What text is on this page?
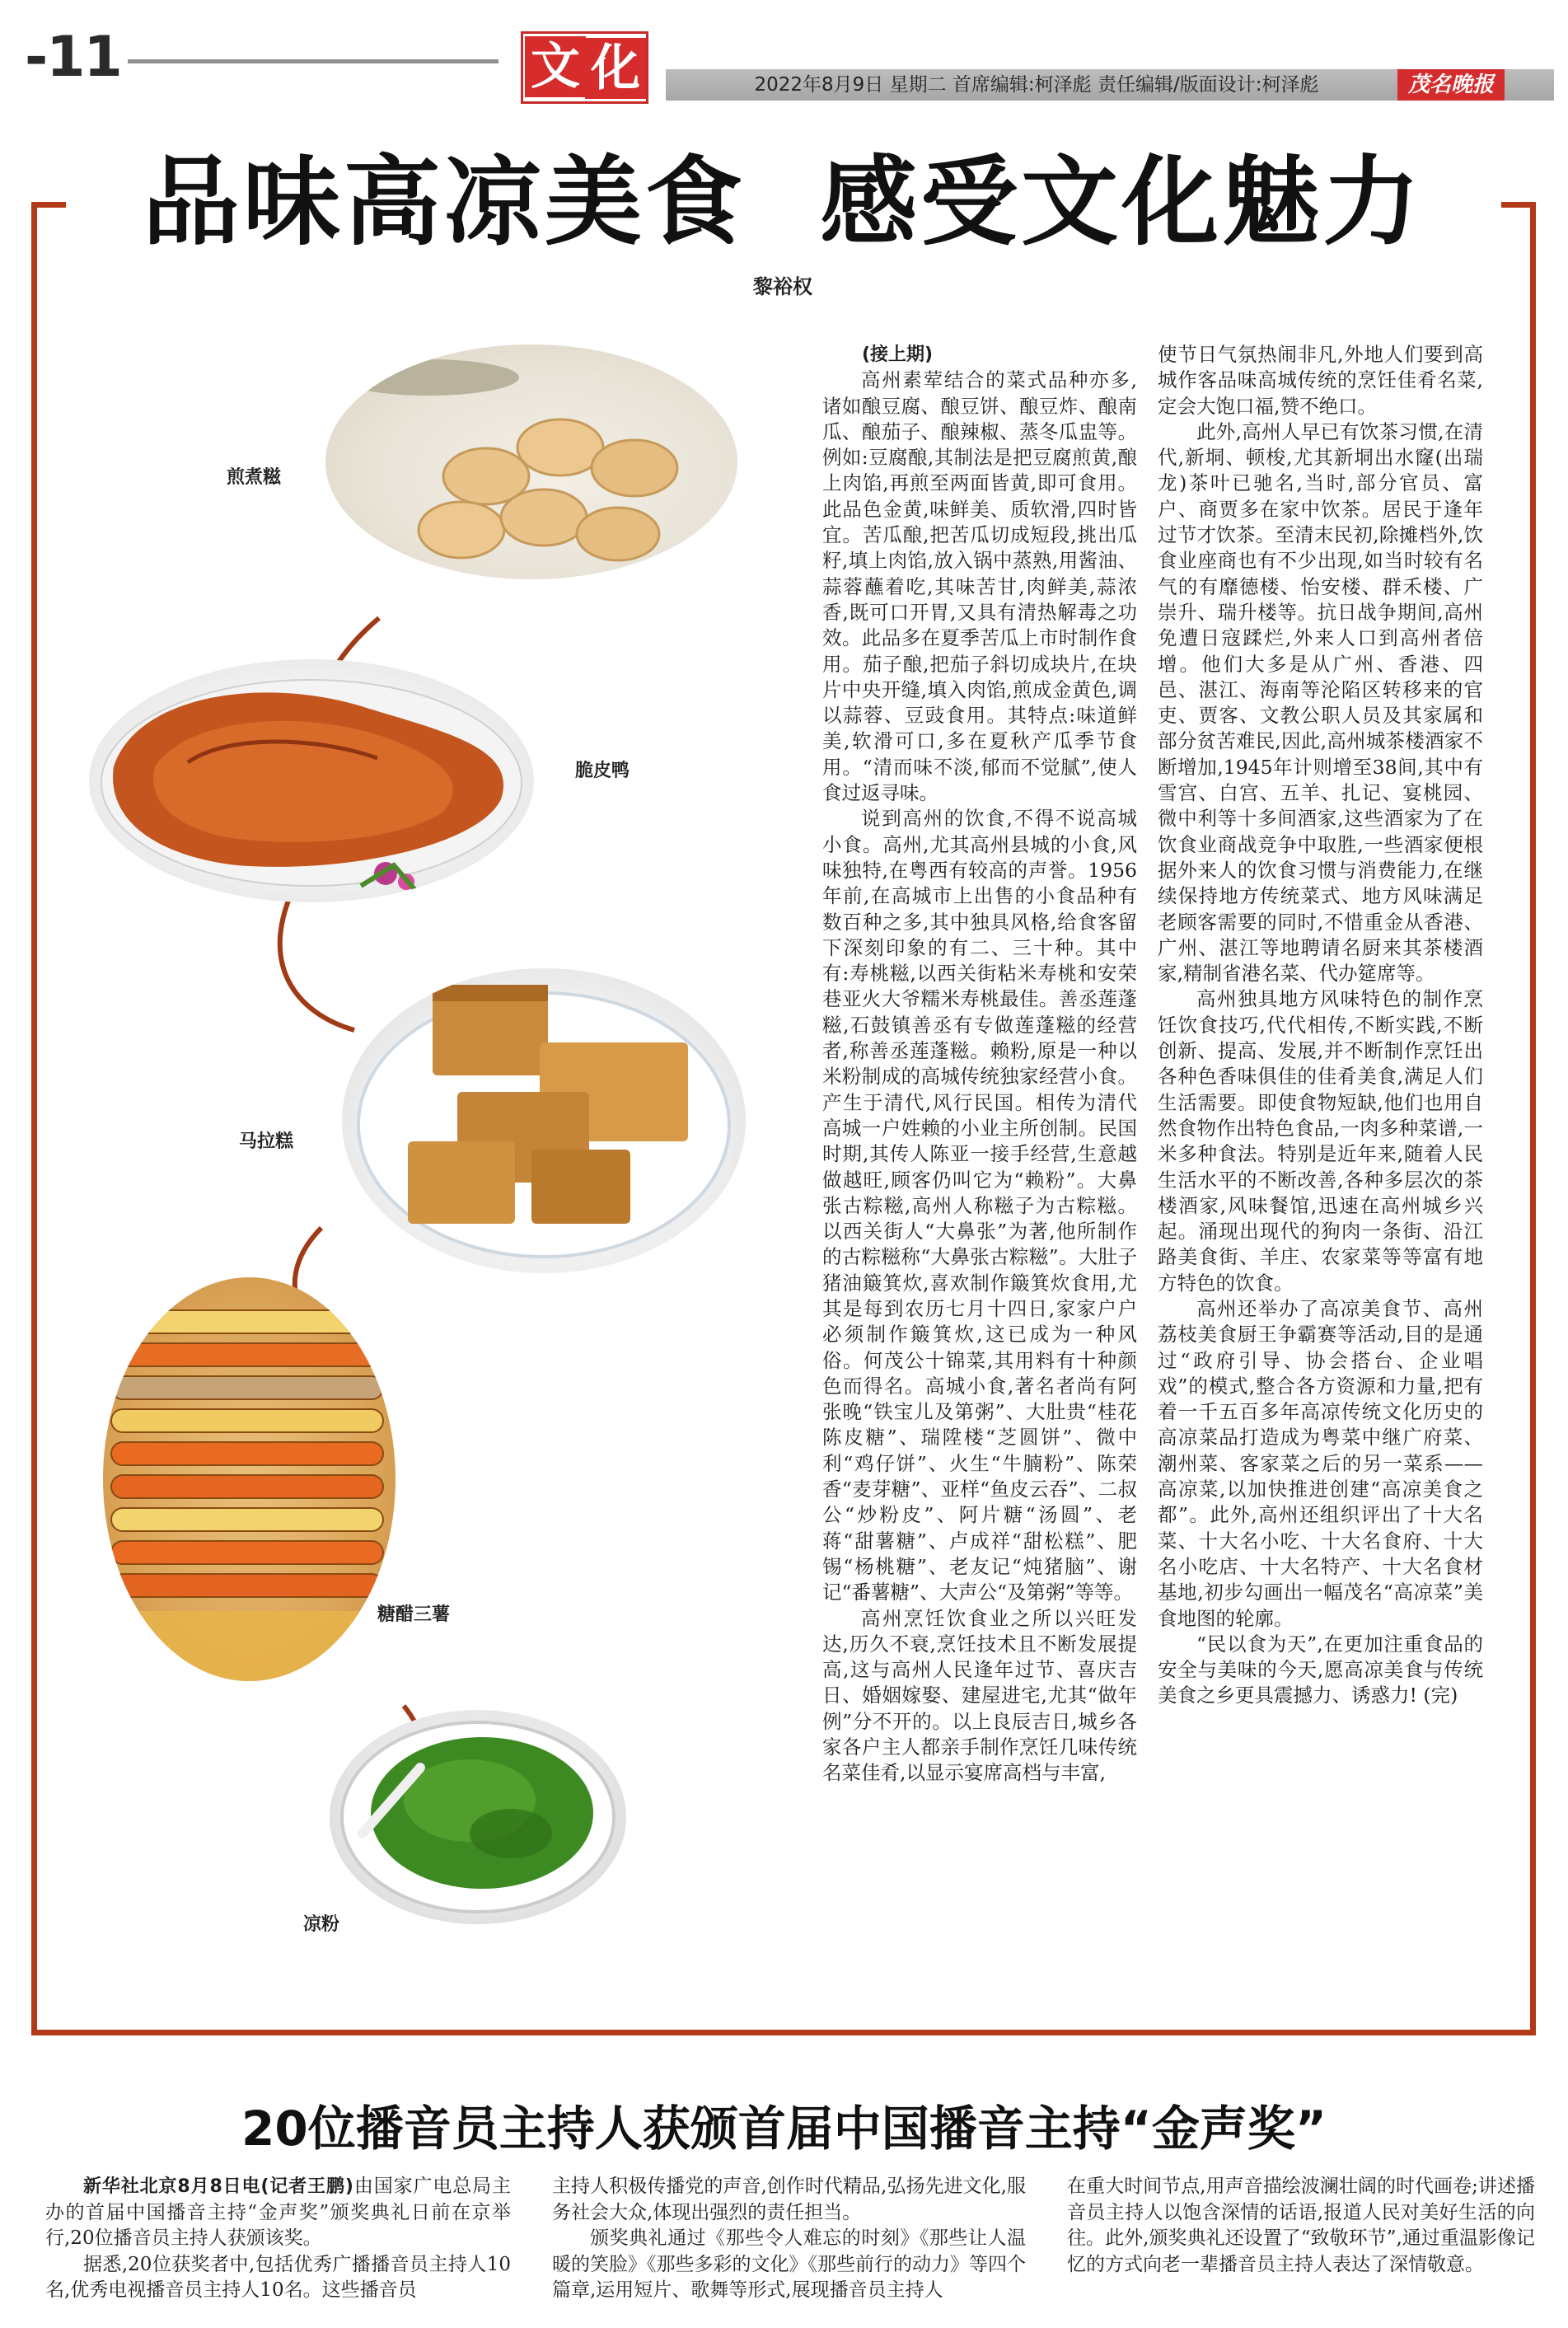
-11	文 化	2022年8月9日 星期二 首席编辑:柯泽彪 责任编辑/版面设计:柯泽彪	茂名晚报
品味高凉美食  感受文化魅力
黎裕权
煎煮糍
脆皮鸭
马拉糕
糖醋三薯
凉粉
(接上期)

高州素荤结合的菜式品种亦多,诸如酿豆腐、酿豆饼、酿豆炸、酿南瓜、酿茄子、酿辣椒、蒸冬瓜盅等。例如:豆腐酿,其制法是把豆腐煎黄,酿上肉馅,再煎至两面皆黄,即可食用。此品色金黄,味鲜美、质软滑,四时皆宜。苦瓜酿,把苦瓜切成短段,挑出瓜籽,填上肉馅,放入锅中蒸熟,用酱油、蒜蓉蘸着吃,其味苦甘,肉鲜美,蒜浓香,既可口开胃,又具有清热解毒之功效。此品多在夏季苦瓜上市时制作食用。茄子酿,把茄子斜切成块片,在块片中央开缝,填入肉馅,煎成金黄色,调以蒜蓉、豆豉食用。其特点:味道鲜美,软滑可口,多在夏秋产瓜季节食用。“清而味不淡,郁而不觉腻”,使人食过返寻味。

说到高州的饮食,不得不说高城小食。高州,尤其高州县城的小食,风味独特,在粤西有较高的声誉。1956年前,在高城市上出售的小食品种有数百种之多,其中独具风格,给食客留下深刻印象的有二、三十种。其中有:寿桃糍,以西关街粘米寿桃和安荣巷亚火大爷糯米寿桃最佳。善丞莲蓬糍,石鼓镇善丞有专做莲蓬糍的经营者,称善丞莲蓬糍。赖粉,原是一种以米粉制成的高城传统独家经营小食。产生于清代,风行民国。相传为清代高城一户姓赖的小业主所创制。民国时期,其传人陈亚一接手经营,生意越做越旺,顾客仍叫它为“赖粉”。大鼻张古粽糍,高州人称糍子为古粽糍。以西关街人“大鼻张”为著,他所制作的古粽糍称“大鼻张古粽糍”。大肚子猪油簸箕炊,喜欢制作簸箕炊食用,尤其是每到农历七月十四日,家家户户必须制作簸箕炊,这已成为一种风俗。何茂公十锦菜,其用料有十种颜色而得名。高城小食,著名者尚有阿张晚“铁宝儿及第粥”、大肚贵“桂花陈皮糖”、瑞陞楼“芝圆饼”、微中利“鸡仔饼”、火生“牛腩粉”、陈荣香“麦芽糖”、亚样“鱼皮云吞”、二叔公“炒粉皮”、阿片糖“汤圆”、老蒋“甜薯糖”、卢成祥“甜松糕”、肥锡“杨桃糖”、老友记“炖猪脑”、谢记“番薯糖”、大声公“及第粥”等等。

高州烹饪饮食业之所以兴旺发达,历久不衰,烹饪技术且不断发展提高,这与高州人民逢年过节、喜庆吉日、婚姻嫁娶、建屋进宅,尤其“做年例”分不开的。以上良辰吉日,城乡各家各户主人都亲手制作烹饪几味传统名菜佳肴,以显示宴席高档与丰富,

使节日气氛热闹非凡,外地人们要到高城作客品味高城传统的烹饪佳肴名菜,定会大饱口福,赞不绝口。

此外,高州人早已有饮茶习惯,在清代,新垌、顿梭,尤其新垌出水窿(出瑞龙)茶叶已驰名,当时,部分官员、富户、商贾多在家中饮茶。居民于逢年过节才饮茶。至清末民初,除摊档外,饮食业座商也有不少出现,如当时较有名气的有靡德楼、怡安楼、群禾楼、广崇升、瑞升楼等。抗日战争期间,高州免遭日寇蹂烂,外来人口到高州者倍增。他们大多是从广州、香港、四邑、湛江、海南等沦陷区转移来的官吏、贾客、文教公职人员及其家属和部分贫苦难民,因此,高州城茶楼酒家不断增加,1945年计则增至38间,其中有雪宫、白宫、五羊、扎记、宴桃园、微中利等十多间酒家,这些酒家为了在饮食业商战竞争中取胜,一些酒家便根据外来人的饮食习惯与消费能力,在继续保持地方传统菜式、地方风味满足老顾客需要的同时,不惜重金从香港、广州、湛江等地聘请名厨来其茶楼酒家,精制省港名菜、代办筵席等。

高州独具地方风味特色的制作烹饪饮食技巧,代代相传,不断实践,不断创新、提高、发展,并不断制作烹饪出各种色香味俱佳的佳肴美食,满足人们生活需要。即使食物短缺,他们也用自然食物作出特色食品,一肉多种菜谱,一米多种食法。特别是近年来,随着人民生活水平的不断改善,各种多层次的茶楼酒家,风味餐馆,迅速在高州城乡兴起。涌现出现代的狗肉一条街、沿江路美食街、羊庄、农家菜等等富有地方特色的饮食。

高州还举办了高凉美食节、高州荔枝美食厨王争霸赛等活动,目的是通过“政府引导、协会搭台、企业唱戏”的模式,整合各方资源和力量,把有着一千五百多年高凉传统文化历史的高凉菜品打造成为粤菜中继广府菜、潮州菜、客家菜之后的另一菜系——高凉菜,以加快推进创建“高凉美食之都”。此外,高州还组织评出了十大名菜、十大名小吃、十大名食府、十大名小吃店、十大名特产、十大名食材基地,初步勾画出一幅茂名“高凉菜”美食地图的轮廓。

“民以食为天”,在更加注重食品的安全与美味的今天,愿高凉美食与传统美食之乡更具震撼力、诱惑力! (完)

20位播音员主持人获颁首届中国播音主持“金声奖”

新华社北京8月8日电(记者王鹏)由国家广电总局主办的首届中国播音主持“金声奖”颁奖典礼日前在京举行,20位播音员主持人获颁该奖。

据悉,20位获奖者中,包括优秀广播播音员主持人10名,优秀电视播音员主持人10名。这些播音员

主持人积极传播党的声音,创作时代精品,弘扬先进文化,服务社会大众,体现出强烈的责任担当。

颁奖典礼通过《那些令人难忘的时刻》《那些让人温暖的笑脸》《那些多彩的文化》《那些前行的动力》等四个篇章,运用短片、歌舞等形式,展现播音员主持人

在重大时间节点,用声音描绘波澜壮阔的时代画卷;讲述播音员主持人以饱含深情的话语,报道人民对美好生活的向往。此外,颁奖典礼还设置了“致敬环节”,通过重温影像记忆的方式向老一辈播音员主持人表达了深情敬意。
